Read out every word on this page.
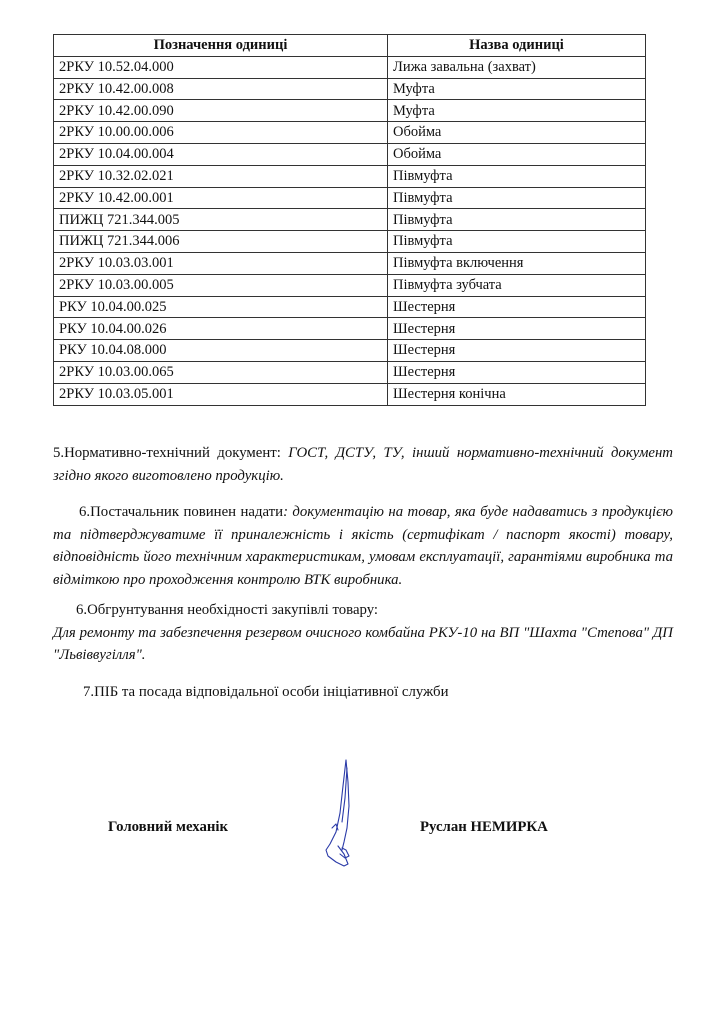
Позначення одиниці	Назва одиниці
2РКУ 10.52.04.000	Лижа завальна (захват)
2РКУ 10.42.00.008	Муфта
2РКУ 10.42.00.090	Муфта
2РКУ 10.00.00.006	Обойма
2РКУ 10.04.00.004	Обойма
2РКУ 10.32.02.021	Півмуфта
2РКУ 10.42.00.001	Півмуфта
ПИЖЦ 721.344.005	Півмуфта
ПИЖЦ 721.344.006	Півмуфта
2РКУ 10.03.03.001	Півмуфта включення
2РКУ 10.03.00.005	Півмуфта зубчата
РКУ 10.04.00.025	Шестерня
РКУ 10.04.00.026	Шестерня
РКУ 10.04.08.000	Шестерня
2РКУ 10.03.00.065	Шестерня
2РКУ 10.03.05.001	Шестерня конічна

5.Нормативно-технічний документ: ГОСТ, ДСТУ, ТУ, інший нормативно-технічний документ згідно якого виготовлено продукцію.

6.Постачальник повинен надати: документацію на товар, яка буде надаватись з продукцією та підтверджуватиме її приналежність і якість (сертифікат / паспорт якості) товару, відповідність його технічним характеристикам, умовам експлуатації, гарантіями виробника та відміткою про проходження контролю ВТК виробника.

6.Обгрунтування необхідності закупівлі товару:
Для ремонту та забезпечення резервом очисного комбайна РКУ-10 на ВП "Шахта "Степова" ДП "Львіввугілля".

7.ПІБ та посада відповідальної особи ініціативної служби

Головний механік	Руслан НЕМИРКА
